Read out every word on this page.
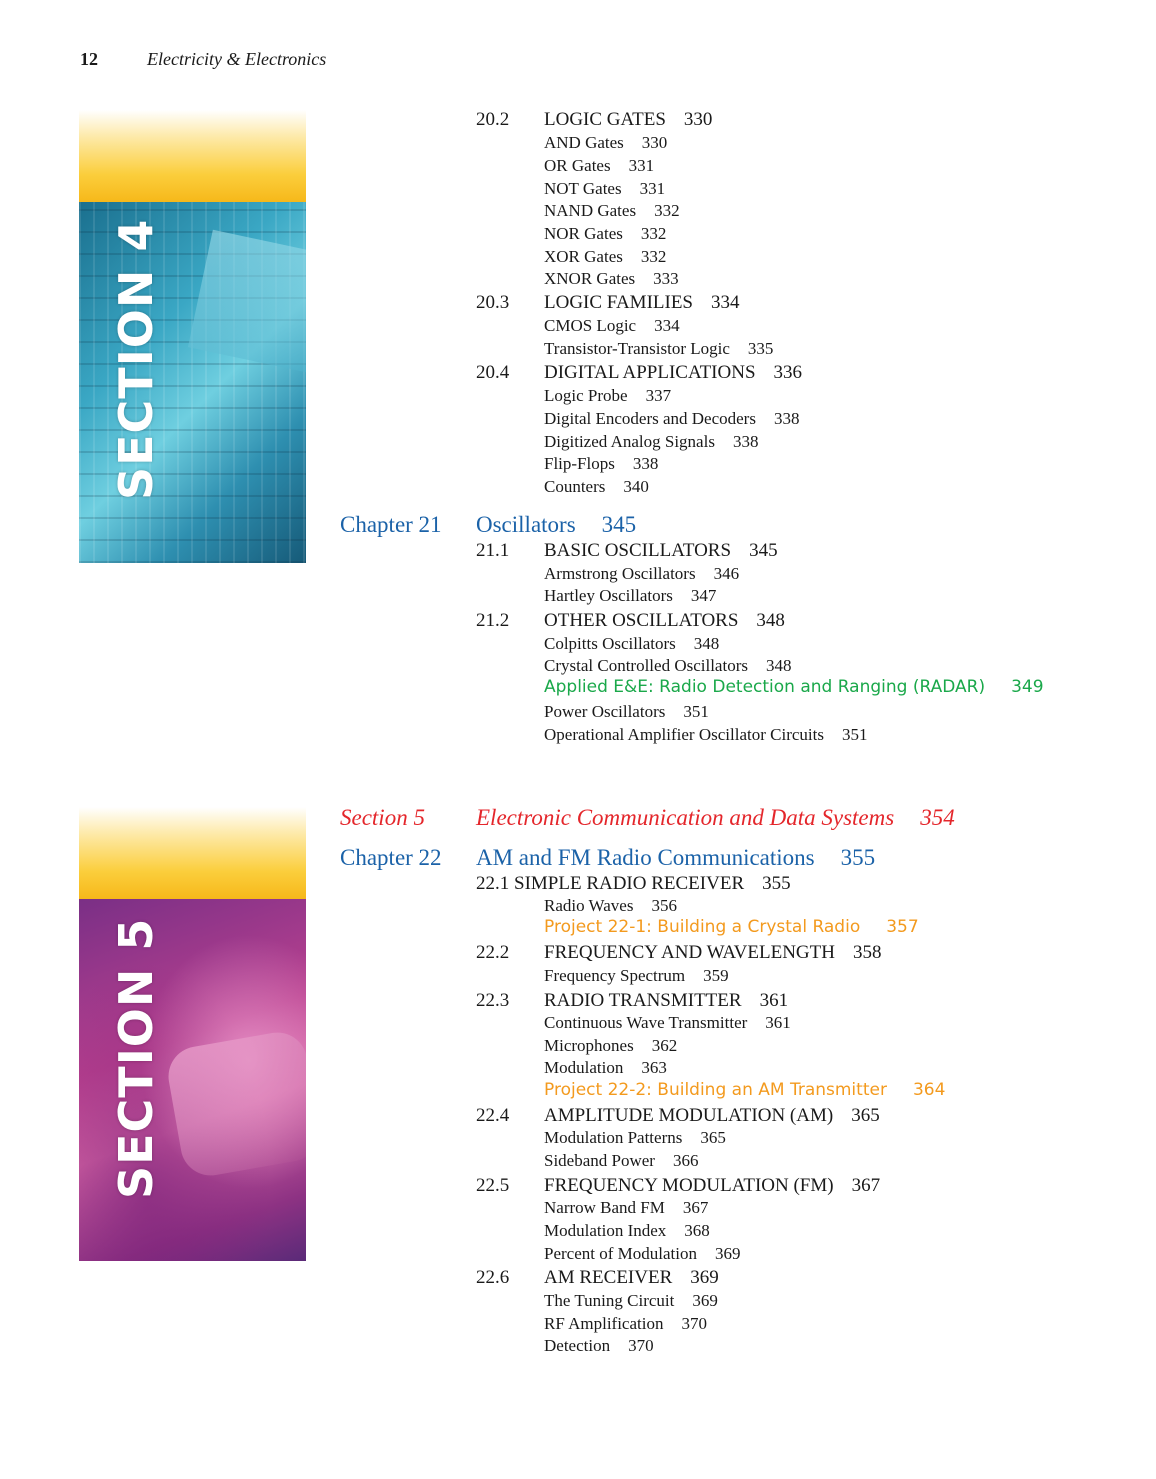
12	Electricity & Electronics
SECTION 4
SECTION 5
20.2 LOGIC GATES 330
AND Gates 330
OR Gates 331
NOT Gates 331
NAND Gates 332
NOR Gates 332
XOR Gates 332
XNOR Gates 333
20.3 LOGIC FAMILIES 334
CMOS Logic 334
Transistor-Transistor Logic 335
20.4 DIGITAL APPLICATIONS 336
Logic Probe 337
Digital Encoders and Decoders 338
Digitized Analog Signals 338
Flip-Flops 338
Counters 340
Chapter 21 Oscillators 345
21.1 BASIC OSCILLATORS 345
Armstrong Oscillators 346
Hartley Oscillators 347
21.2 OTHER OSCILLATORS 348
Colpitts Oscillators 348
Crystal Controlled Oscillators 348
Applied E&E: Radio Detection and Ranging (RADAR) 349
Power Oscillators 351
Operational Amplifier Oscillator Circuits 351
Section 5 Electronic Communication and Data Systems 354
Chapter 22 AM and FM Radio Communications 355
22.1 SIMPLE RADIO RECEIVER 355
Radio Waves 356
Project 22-1: Building a Crystal Radio 357
22.2 FREQUENCY AND WAVELENGTH 358
Frequency Spectrum 359
22.3 RADIO TRANSMITTER 361
Continuous Wave Transmitter 361
Microphones 362
Modulation 363
Project 22-2: Building an AM Transmitter 364
22.4 AMPLITUDE MODULATION (AM) 365
Modulation Patterns 365
Sideband Power 366
22.5 FREQUENCY MODULATION (FM) 367
Narrow Band FM 367
Modulation Index 368
Percent of Modulation 369
22.6 AM RECEIVER 369
The Tuning Circuit 369
RF Amplification 370
Detection 370
